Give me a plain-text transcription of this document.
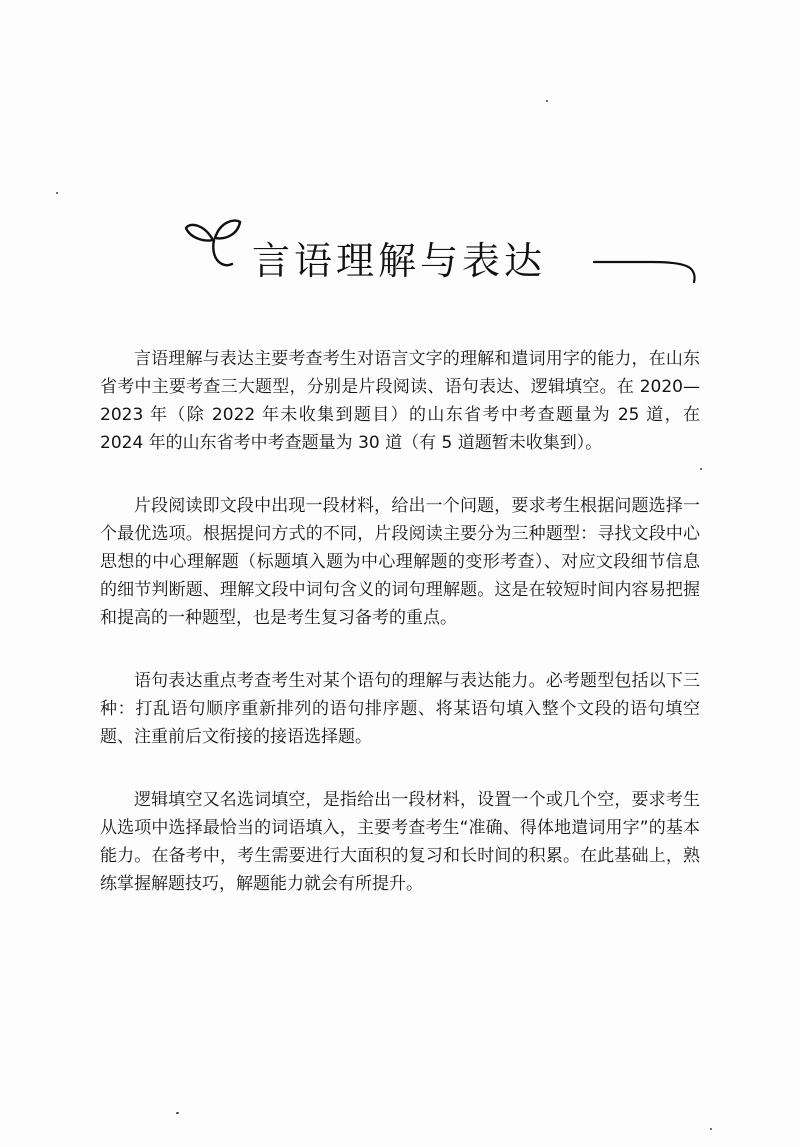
言语理解与表达

言语理解与表达主要考查考生对语言文字的理解和遣词用字的能力，在山东省考中主要考查三大题型，分别是片段阅读、语句表达、逻辑填空。在 2020—2023 年（除 2022 年未收集到题目）的山东省考中考查题量为 25 道，在 2024 年的山东省考中考查题量为 30 道（有 5 道题暂未收集到）。

片段阅读即文段中出现一段材料，给出一个问题，要求考生根据问题选择一个最优选项。根据提问方式的不同，片段阅读主要分为三种题型：寻找文段中心思想的中心理解题（标题填入题为中心理解题的变形考查）、对应文段细节信息的细节判断题、理解文段中词句含义的词句理解题。这是在较短时间内容易把握和提高的一种题型，也是考生复习备考的重点。

语句表达重点考查考生对某个语句的理解与表达能力。必考题型包括以下三种：打乱语句顺序重新排列的语句排序题、将某语句填入整个文段的语句填空题、注重前后文衔接的接语选择题。

逻辑填空又名选词填空，是指给出一段材料，设置一个或几个空，要求考生从选项中选择最恰当的词语填入，主要考查考生“准确、得体地遣词用字”的基本能力。在备考中，考生需要进行大面积的复习和长时间的积累。在此基础上，熟练掌握解题技巧，解题能力就会有所提升。
